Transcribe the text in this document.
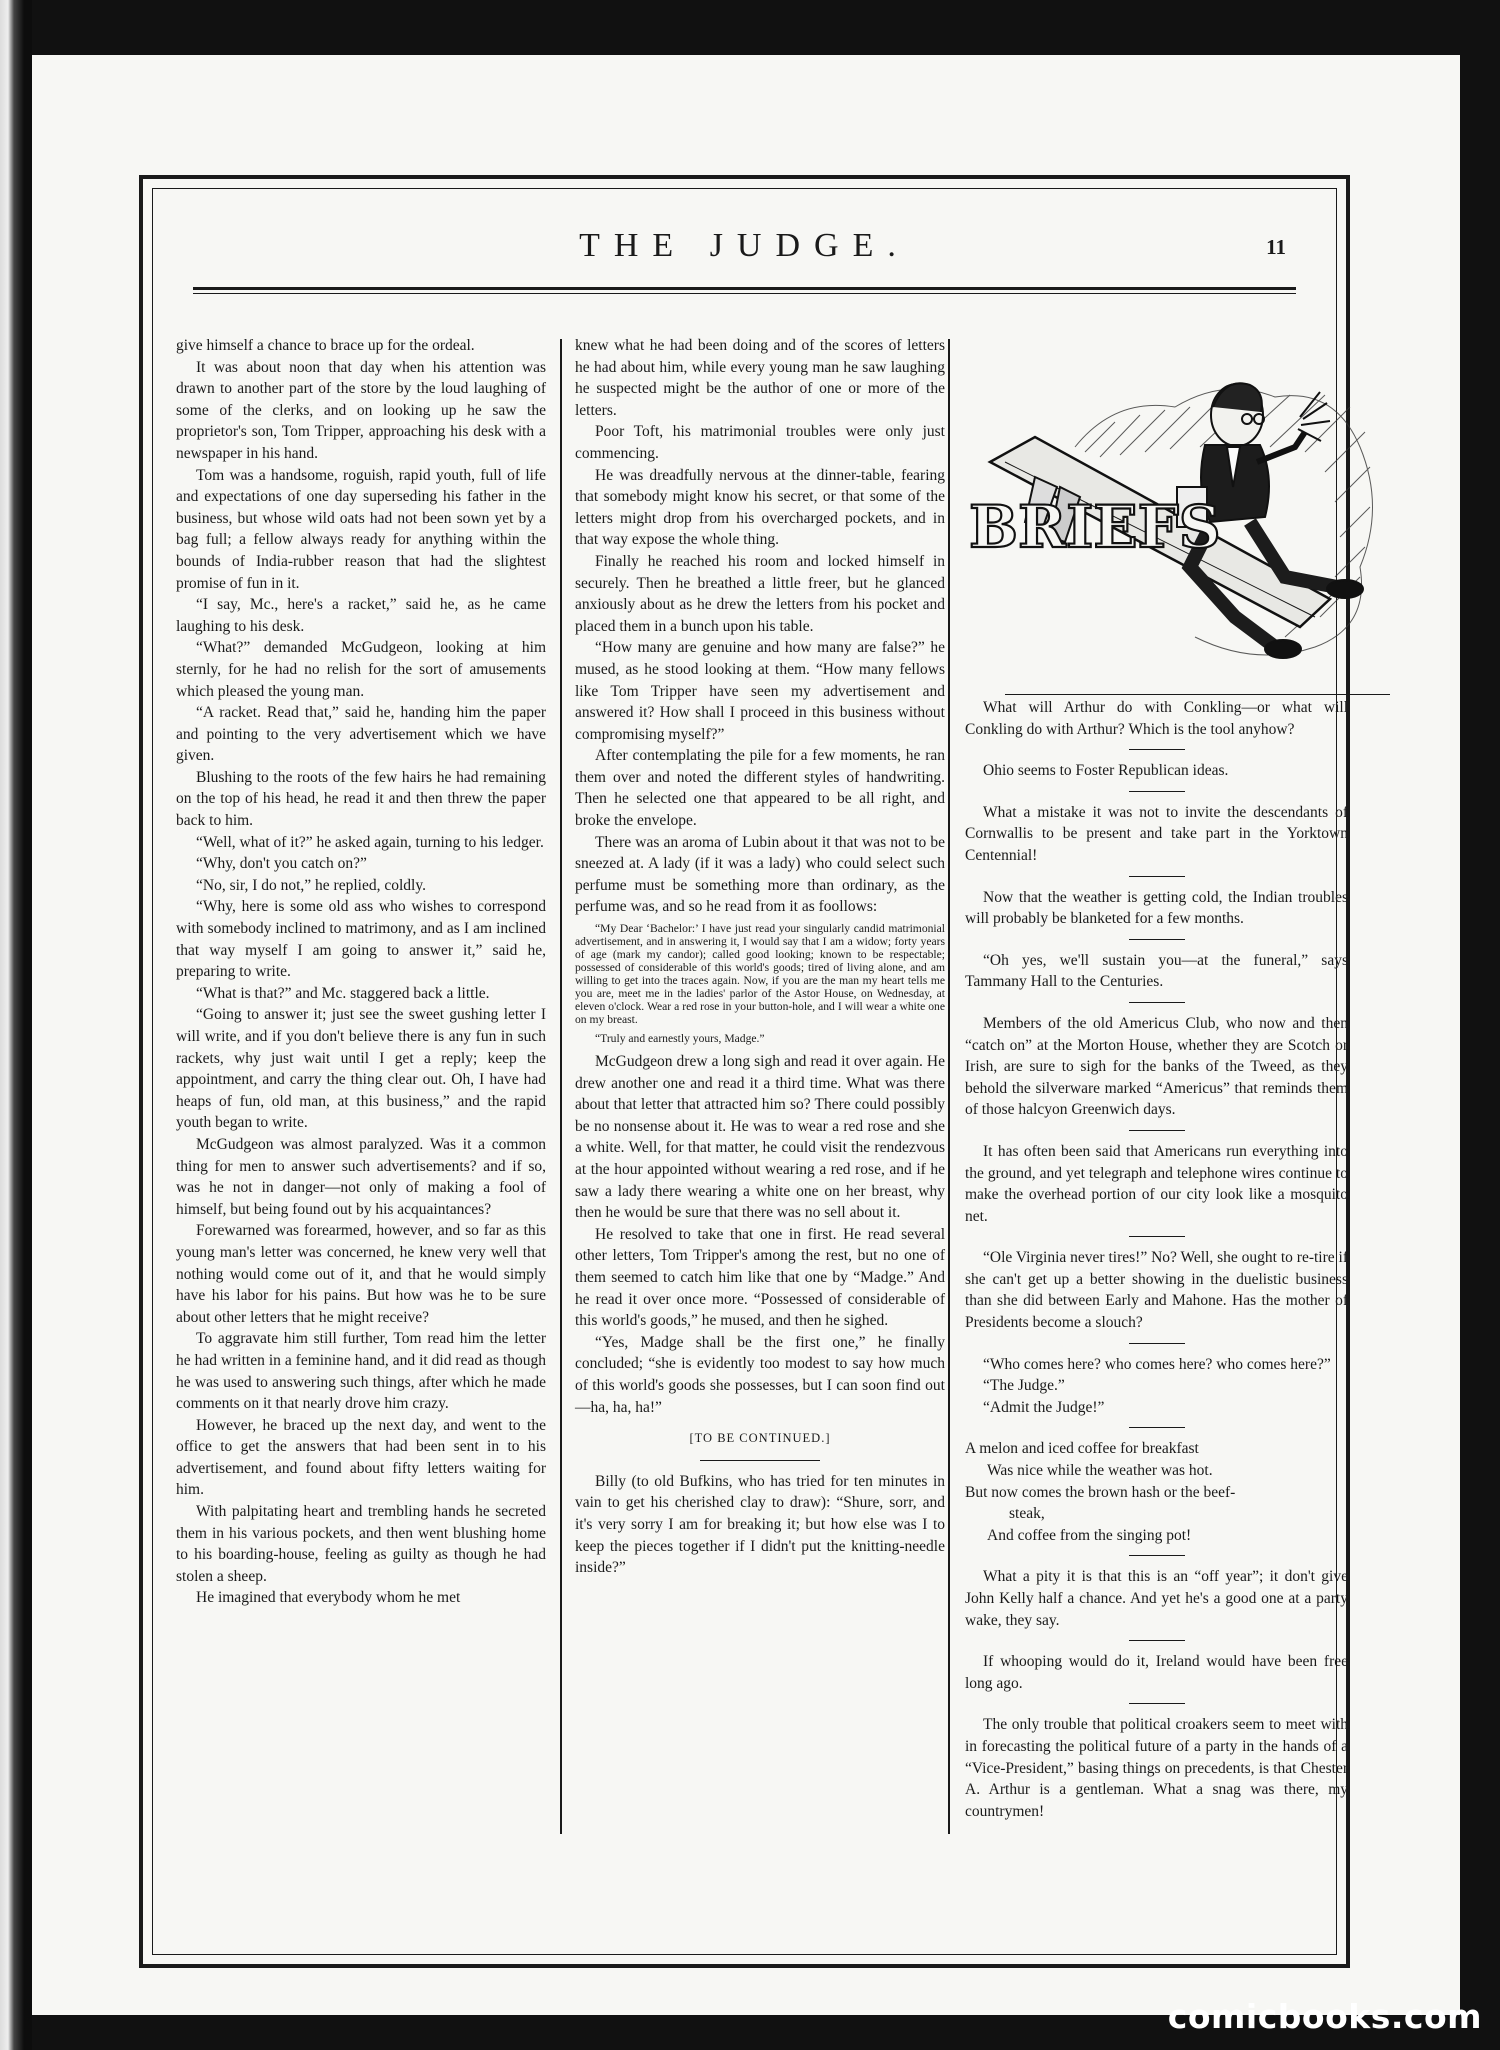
THE JUDGE.	11

give himself a chance to brace up for the ordeal.

It was about noon that day when his attention was drawn to another part of the store by the loud laughing of some of the clerks, and on looking up he saw the proprietor's son, Tom Tripper, approaching his desk with a newspaper in his hand.

Tom was a handsome, roguish, rapid youth, full of life and expectations of one day superseding his father in the business, but whose wild oats had not been sown yet by a bag full; a fellow always ready for anything within the bounds of India-rubber reason that had the slightest promise of fun in it.

“I say, Mc., here's a racket,” said he, as he came laughing to his desk.

“What?” demanded McGudgeon, looking at him sternly, for he had no relish for the sort of amusements which pleased the young man.

“A racket. Read that,” said he, handing him the paper and pointing to the very advertisement which we have given.

Blushing to the roots of the few hairs he had remaining on the top of his head, he read it and then threw the paper back to him.

“Well, what of it?” he asked again, turning to his ledger.

“Why, don't you catch on?”

“No, sir, I do not,” he replied, coldly.

“Why, here is some old ass who wishes to correspond with somebody inclined to matrimony, and as I am inclined that way myself I am going to answer it,” said he, preparing to write.

“What is that?” and Mc. staggered back a little.

“Going to answer it; just see the sweet gushing letter I will write, and if you don't believe there is any fun in such rackets, why just wait until I get a reply; keep the appointment, and carry the thing clear out. Oh, I have had heaps of fun, old man, at this business,” and the rapid youth began to write.

McGudgeon was almost paralyzed. Was it a common thing for men to answer such advertisements? and if so, was he not in danger—not only of making a fool of himself, but being found out by his acquaintances?

Forewarned was forearmed, however, and so far as this young man's letter was concerned, he knew very well that nothing would come out of it, and that he would simply have his labor for his pains. But how was he to be sure about other letters that he might receive?

To aggravate him still further, Tom read him the letter he had written in a feminine hand, and it did read as though he was used to answering such things, after which he made comments on it that nearly drove him crazy.

However, he braced up the next day, and went to the office to get the answers that had been sent in to his advertisement, and found about fifty letters waiting for him.

With palpitating heart and trembling hands he secreted them in his various pockets, and then went blushing home to his boarding-house, feeling as guilty as though he had stolen a sheep.

He imagined that everybody whom he met

knew what he had been doing and of the scores of letters he had about him, while every young man he saw laughing he suspected might be the author of one or more of the letters.

Poor Toft, his matrimonial troubles were only just commencing.

He was dreadfully nervous at the dinner-table, fearing that somebody might know his secret, or that some of the letters might drop from his overcharged pockets, and in that way expose the whole thing.

Finally he reached his room and locked himself in securely. Then he breathed a little freer, but he glanced anxiously about as he drew the letters from his pocket and placed them in a bunch upon his table.

“How many are genuine and how many are false?” he mused, as he stood looking at them. “How many fellows like Tom Tripper have seen my advertisement and answered it? How shall I proceed in this business without compromising myself?”

After contemplating the pile for a few moments, he ran them over and noted the different styles of handwriting. Then he selected one that appeared to be all right, and broke the envelope.

There was an aroma of Lubin about it that was not to be sneezed at. A lady (if it was a lady) who could select such perfume must be something more than ordinary, as the perfume was, and so he read from it as foollows:

“My Dear ‘Bachelor:’ I have just read your singularly candid matrimonial advertisement, and in answering it, I would say that I am a widow; forty years of age (mark my candor); called good looking; known to be respectable; possessed of considerable of this world's goods; tired of living alone, and am willing to get into the traces again. Now, if you are the man my heart tells me you are, meet me in the ladies' parlor of the Astor House, on Wednesday, at eleven o'clock. Wear a red rose in your button-hole, and I will wear a white one on my breast.

“Truly and earnestly yours, Madge.”

McGudgeon drew a long sigh and read it over again. He drew another one and read it a third time. What was there about that letter that attracted him so? There could possibly be no nonsense about it. He was to wear a red rose and she a white. Well, for that matter, he could visit the rendezvous at the hour appointed without wearing a red rose, and if he saw a lady there wearing a white one on her breast, why then he would be sure that there was no sell about it.

He resolved to take that one in first. He read several other letters, Tom Tripper's among the rest, but no one of them seemed to catch him like that one by “Madge.” And he read it over once more. “Possessed of considerable of this world's goods,” he mused, and then he sighed.

“Yes, Madge shall be the first one,” he finally concluded; “she is evidently too modest to say how much of this world's goods she possesses, but I can soon find out—ha, ha, ha!”

[TO BE CONTINUED.]

Billy (to old Bufkins, who has tried for ten minutes in vain to get his cherished clay to draw): “Shure, sorr, and it's very sorry I am for breaking it; but how else was I to keep the pieces together if I didn't put the knitting-needle inside?”

BRIEFS

What will Arthur do with Conkling—or what will Conkling do with Arthur? Which is the tool anyhow?

Ohio seems to Foster Republican ideas.

What a mistake it was not to invite the descendants of Cornwallis to be present and take part in the Yorktown Centennial!

Now that the weather is getting cold, the Indian troubles will probably be blanketed for a few months.

“Oh yes, we'll sustain you—at the funeral,” says Tammany Hall to the Centuries.

Members of the old Americus Club, who now and then “catch on” at the Morton House, whether they are Scotch or Irish, are sure to sigh for the banks of the Tweed, as they behold the silverware marked “Americus” that reminds them of those halcyon Greenwich days.

It has often been said that Americans run everything into the ground, and yet telegraph and telephone wires continue to make the overhead portion of our city look like a mosquito net.

“Ole Virginia never tires!” No? Well, she ought to re-tire if she can't get up a better showing in the duelistic business than she did between Early and Mahone. Has the mother of Presidents become a slouch?

“Who comes here? who comes here? who comes here?”

“The Judge.”

“Admit the Judge!”

A melon and iced coffee for breakfast
Was nice while the weather was hot.
But now comes the brown hash or the beef-
steak,
And coffee from the singing pot!

What a pity it is that this is an “off year”; it don't give John Kelly half a chance. And yet he's a good one at a party wake, they say.

If whooping would do it, Ireland would have been free long ago.

The only trouble that political croakers seem to meet with in forecasting the political future of a party in the hands of a “Vice-President,” basing things on precedents, is that Chester A. Arthur is a gentleman. What a snag was there, my countrymen!

comicbooks.com
